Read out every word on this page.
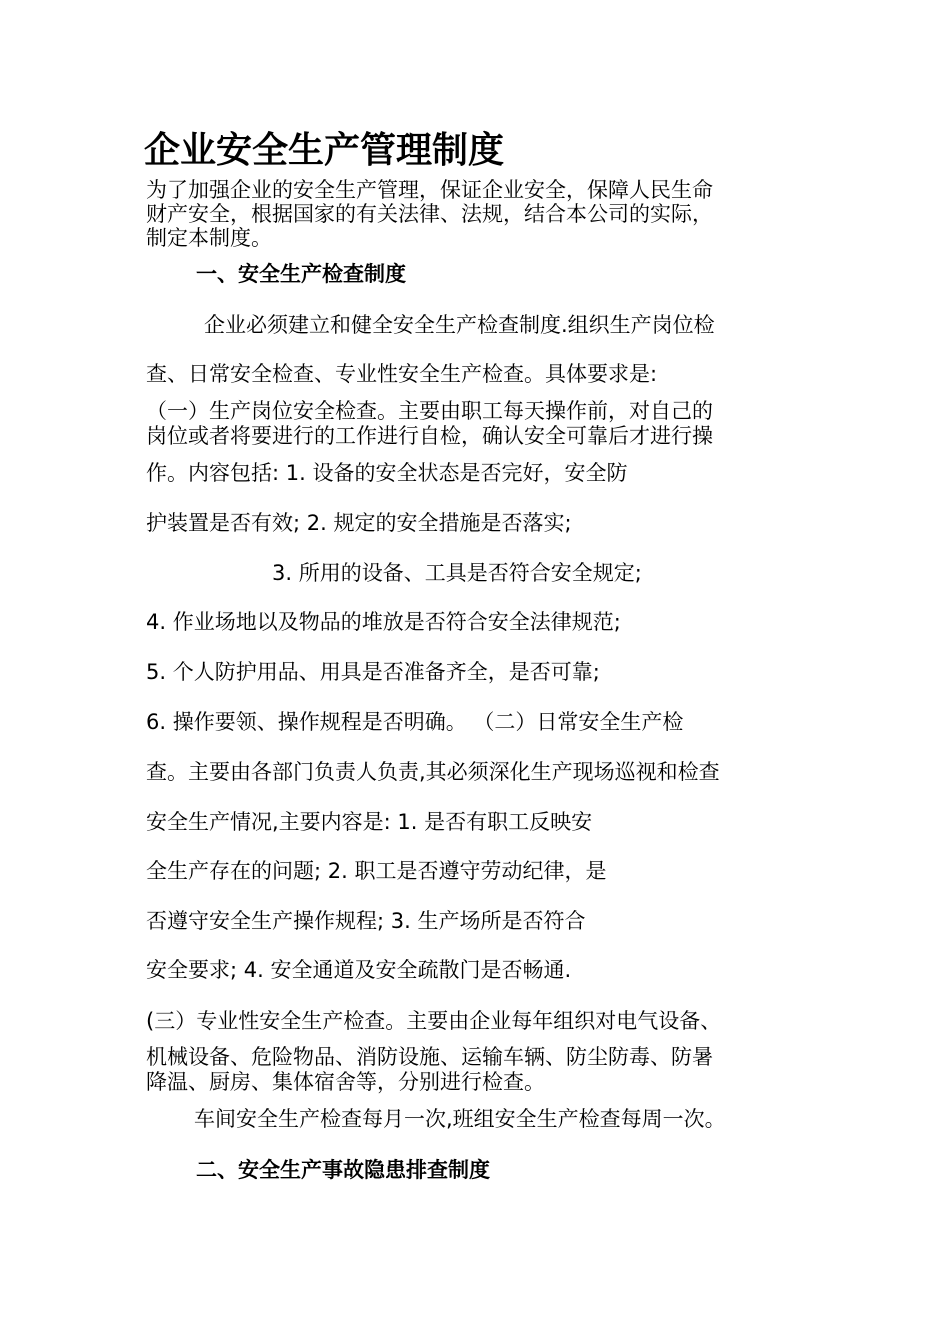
企业安全生产管理制度
为了加强企业的安全生产管理，保证企业安全，保障人民生命
财产安全，根据国家的有关法律、法规，结合本公司的实际，
制定本制度。
一、安全生产检查制度
企业必须建立和健全安全生产检查制度.组织生产岗位检
查、日常安全检查、专业性安全生产检查。具体要求是:
（一）生产岗位安全检查。主要由职工每天操作前，对自己的
岗位或者将要进行的工作进行自检，确认安全可靠后才进行操
作。内容包括: 1. 设备的安全状态是否完好，安全防
护装置是否有效; 2. 规定的安全措施是否落实;
3. 所用的设备、工具是否符合安全规定;
4. 作业场地以及物品的堆放是否符合安全法律规范;
5. 个人防护用品、用具是否准备齐全，是否可靠;
6. 操作要领、操作规程是否明确。 （二）日常安全生产检
查。主要由各部门负责人负责,其必须深化生产现场巡视和检查
安全生产情况,主要内容是: 1. 是否有职工反映安
全生产存在的问题; 2. 职工是否遵守劳动纪律，是
否遵守安全生产操作规程; 3. 生产场所是否符合
安全要求; 4. 安全通道及安全疏散门是否畅通.
(三）专业性安全生产检查。主要由企业每年组织对电气设备、
机械设备、危险物品、消防设施、运输车辆、防尘防毒、防暑
降温、厨房、集体宿舍等，分别进行检查。
车间安全生产检查每月一次,班组安全生产检查每周一次。
二、安全生产事故隐患排查制度
